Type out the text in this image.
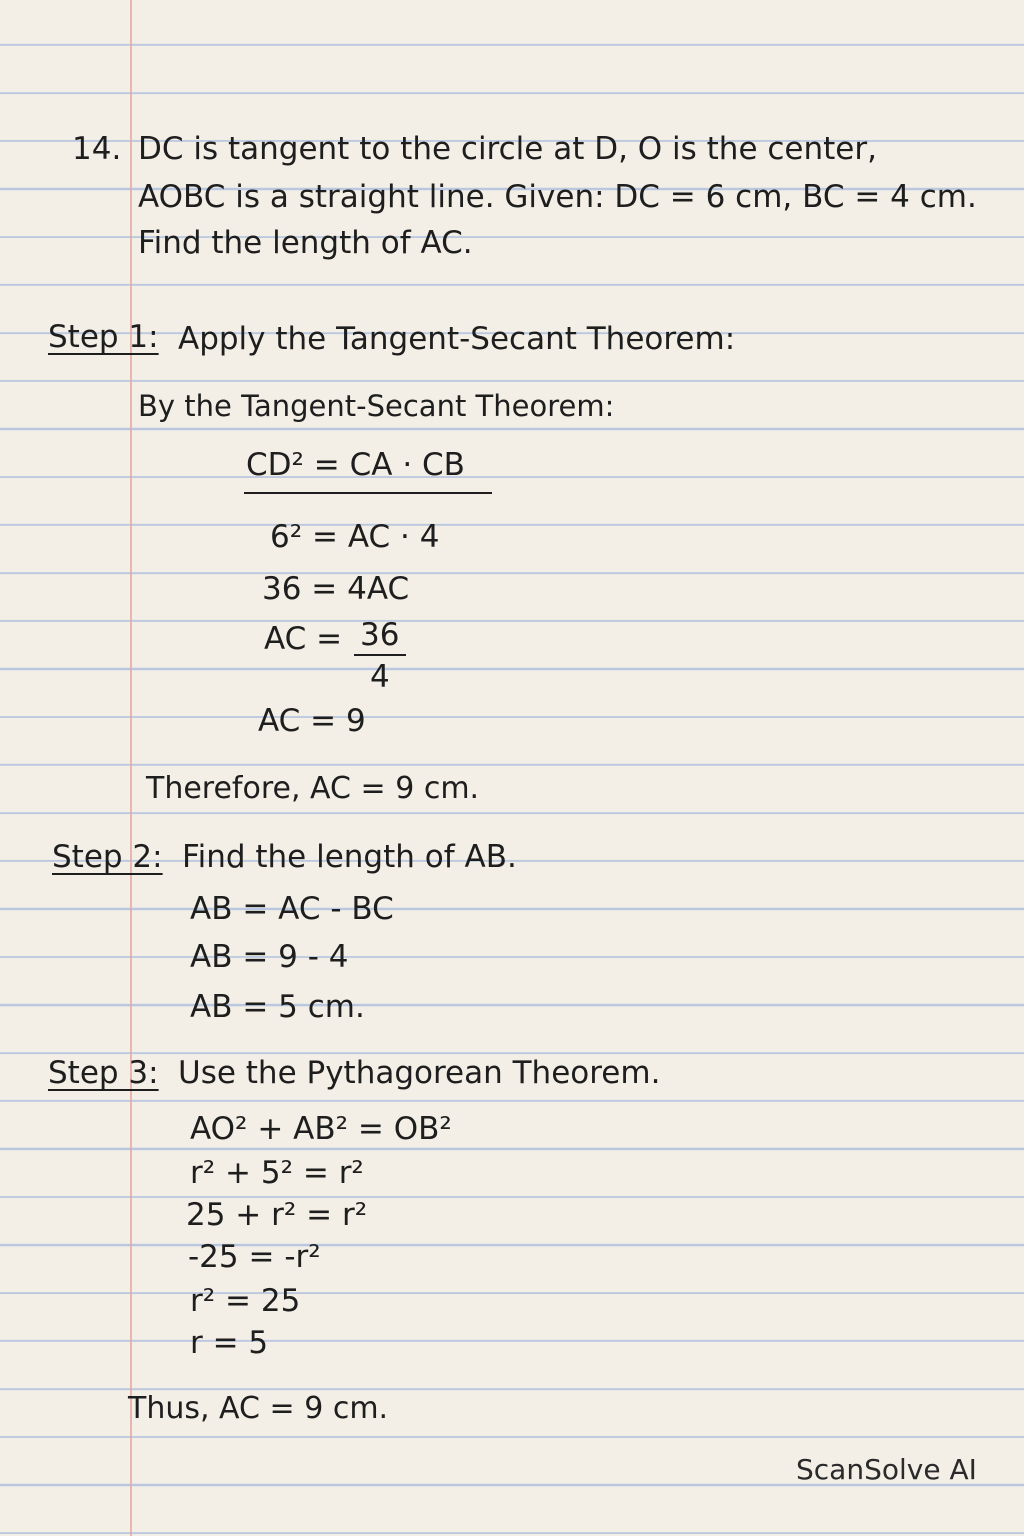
14. DC is tangent to the circle at D, O is the center,
AOBC is a straight line. Given: DC = 6 cm, BC = 4 cm.
Find the length of AC.
Step 1: Apply the Tangent-Secant Theorem:
By the Tangent-Secant Theorem:
CD² = CA · CB
6² = AC · 4
36 = 4AC
AC = 36
4
AC = 9
Therefore, AC = 9 cm.
Step 2: Find the length of AB.
AB = AC - BC
AB = 9 - 4
AB = 5 cm.
Step 3: Use the Pythagorean Theorem.
AO² + AB² = OB²
r² + 5² = r²
25 + r² = r²
-25 = -r²
r² = 25
r = 5
Thus, AC = 9 cm.
ScanSolve AI
